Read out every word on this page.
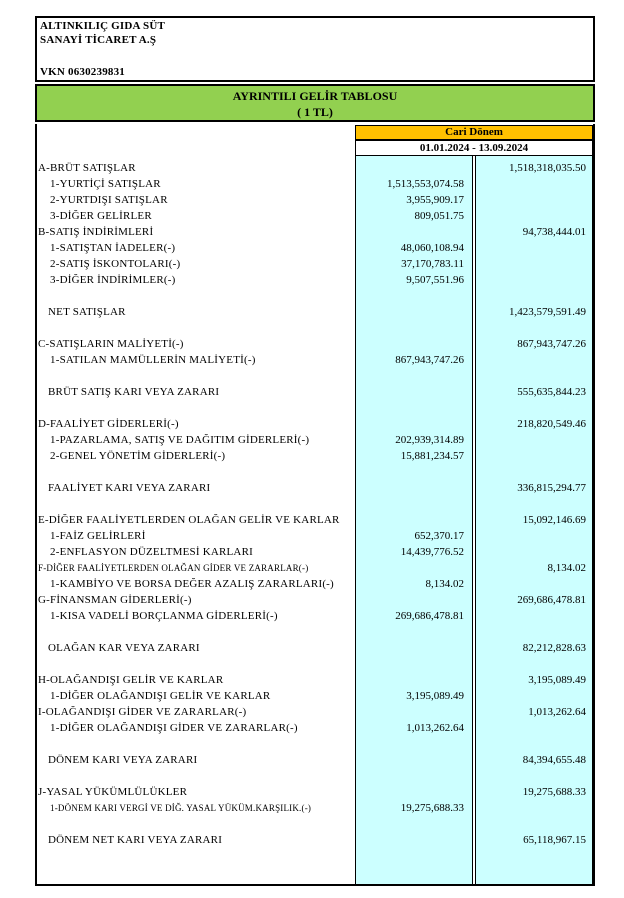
ALTINKILIÇ GIDA SÜT
SANAYİ TİCARET A.Ş
VKN 0630239831
AYRINTILI GELİR TABLOSU
( 1 TL)
Cari Dönem
01.01.2024 - 13.09.2024
A-BRÜT SATIŞLAR	1,518,318,035.50
1-YURTİÇİ SATIŞLAR	1,513,553,074.58
2-YURTDIŞI SATIŞLAR	3,955,909.17
3-DİĞER GELİRLER	809,051.75
B-SATIŞ İNDİRİMLERİ	94,738,444.01
1-SATIŞTAN İADELER(-)	48,060,108.94
2-SATIŞ İSKONTOLARI(-)	37,170,783.11
3-DİĞER İNDİRİMLER(-)	9,507,551.96
NET SATIŞLAR	1,423,579,591.49
C-SATIŞLARIN MALİYETİ(-)	867,943,747.26
1-SATILAN MAMÜLLERİN MALİYETİ(-)	867,943,747.26
BRÜT SATIŞ KARI VEYA ZARARI	555,635,844.23
D-FAALİYET GİDERLERİ(-)	218,820,549.46
1-PAZARLAMA, SATIŞ VE DAĞITIM GİDERLERİ(-)	202,939,314.89
2-GENEL YÖNETİM GİDERLERİ(-)	15,881,234.57
FAALİYET KARI VEYA ZARARI	336,815,294.77
E-DİĞER FAALİYETLERDEN OLAĞAN GELİR VE KARLAR	15,092,146.69
1-FAİZ GELİRLERİ	652,370.17
2-ENFLASYON DÜZELTMESİ KARLARI	14,439,776.52
F-DİĞER FAALİYETLERDEN OLAĞAN GİDER VE ZARARLAR(-)	8,134.02
1-KAMBİYO VE BORSA DEĞER AZALIŞ ZARARLARI(-)	8,134.02
G-FİNANSMAN GİDERLERİ(-)	269,686,478.81
1-KISA VADELİ BORÇLANMA GİDERLERİ(-)	269,686,478.81
OLAĞAN KAR VEYA ZARARI	82,212,828.63
H-OLAĞANDIŞI GELİR VE KARLAR	3,195,089.49
1-DİĞER OLAĞANDIŞI GELİR VE KARLAR	3,195,089.49
I-OLAĞANDIŞI GİDER VE ZARARLAR(-)	1,013,262.64
1-DİĞER OLAĞANDIŞI GİDER VE ZARARLAR(-)	1,013,262.64
DÖNEM KARI VEYA ZARARI	84,394,655.48
J-YASAL YÜKÜMLÜLÜKLER	19,275,688.33
1-DÖNEM KARI VERGİ VE DİĞ. YASAL YÜKÜM.KARŞILIK.(-)	19,275,688.33
DÖNEM NET KARI VEYA ZARARI	65,118,967.15
